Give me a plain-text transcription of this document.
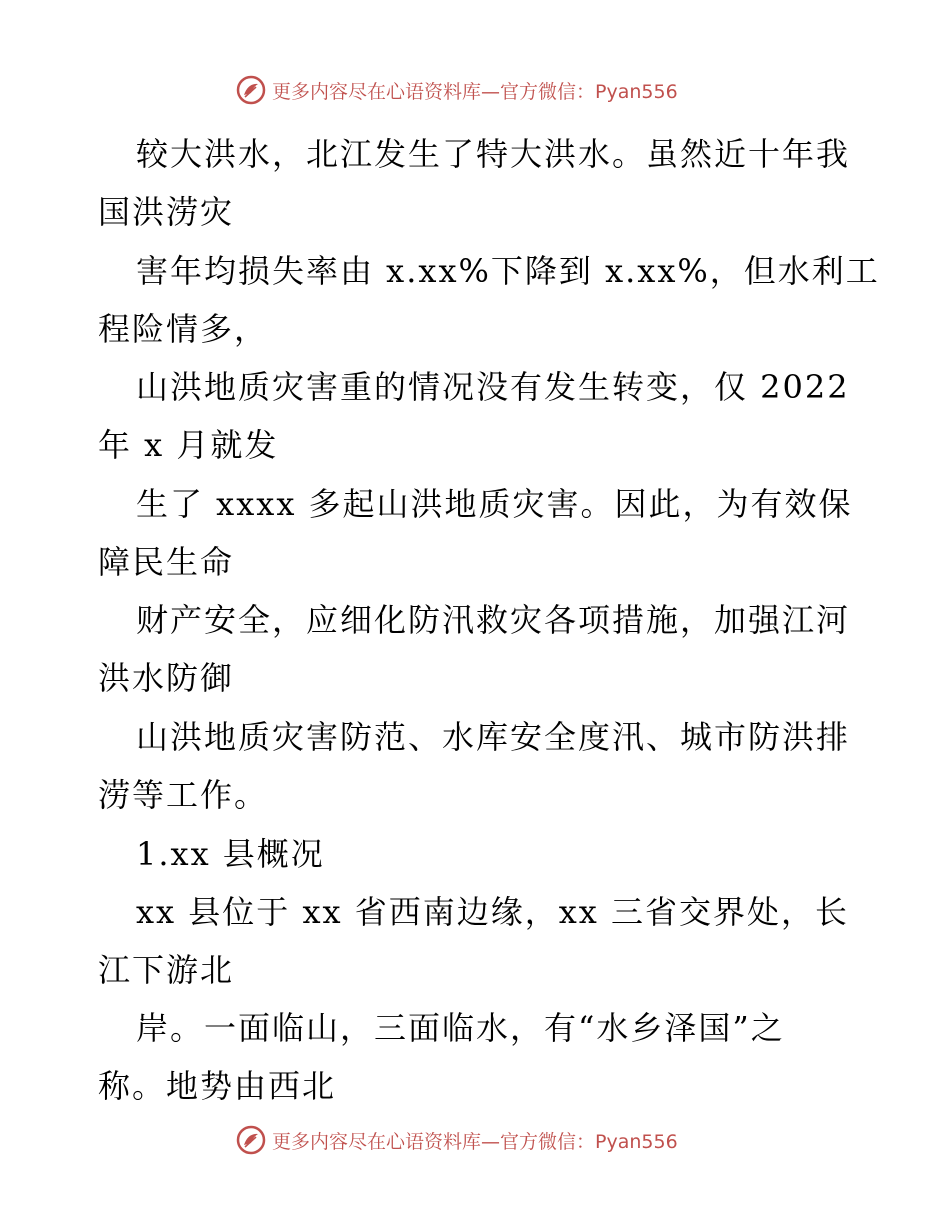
更多内容尽在心语资料库—官方微信：Pyan556
较大洪水，北江发生了特大洪水。虽然近十年我
国洪涝灾
害年均损失率由 x.xx%下降到 x.xx%，但水利工
程险情多，
山洪地质灾害重的情况没有发生转变，仅 2022
年 x 月就发
生了 xxxx 多起山洪地质灾害。因此，为有效保
障民生命
财产安全，应细化防汛救灾各项措施，加强江河
洪水防御
山洪地质灾害防范、水库安全度汛、城市防洪排
涝等工作。
1.xx 县概况
xx 县位于 xx 省西南边缘，xx 三省交界处，长
江下游北
岸。一面临山，三面临水，有“水乡泽国”之
称。地势由西北
更多内容尽在心语资料库—官方微信：Pyan556
